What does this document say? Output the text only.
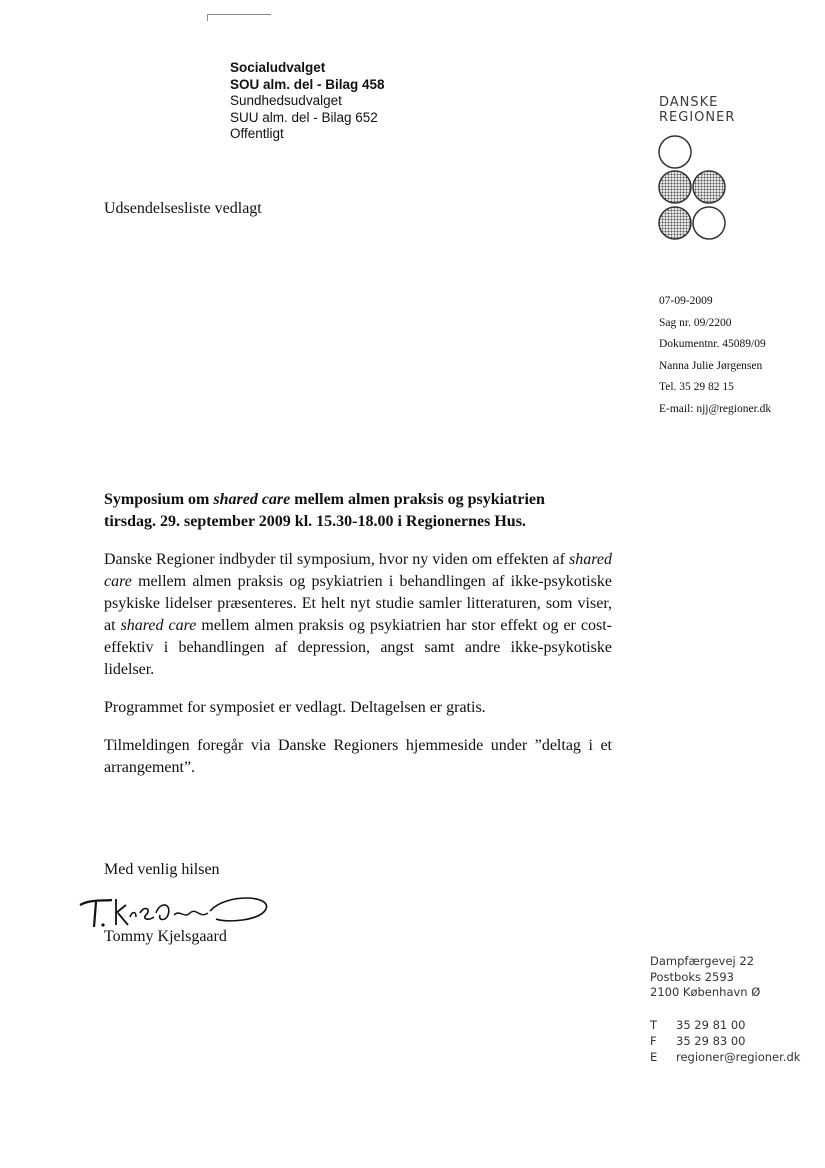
Socialudvalget
SOU alm. del - Bilag 458
Sundhedsudvalget
SUU alm. del - Bilag 652
Offentligt
Udsendelsesliste vedlagt
DANSKE
REGIONER
07-09-2009
Sag nr. 09/2200
Dokumentnr. 45089/09
Nanna Julie Jørgensen
Tel. 35 29 82 15
E-mail: njj@regioner.dk
Symposium om shared care mellem almen praksis og psykiatrien
tirsdag. 29. september 2009 kl. 15.30-18.00 i Regionernes Hus.

Danske Regioner indbyder til symposium, hvor ny viden om effekten af shared care mellem almen praksis og psykiatrien i behandlingen af ikke-psykotiske psykiske lidelser præsenteres. Et helt nyt studie samler litteraturen, som viser, at shared care mellem almen praksis og psykiatrien har stor effekt og er cost-effektiv i behandlingen af depression, angst samt andre ikke-psykotiske lidelser.

Programmet for symposiet er vedlagt. Deltagelsen er gratis.

Tilmeldingen foregår via Danske Regioners hjemmeside under ”deltag i et arrangement”.

Med venlig hilsen
Tommy Kjelsgaard
Dampfærgevej 22
Postboks 2593
2100 København Ø
T 35 29 81 00
F 35 29 83 00
E regioner@regioner.dk
